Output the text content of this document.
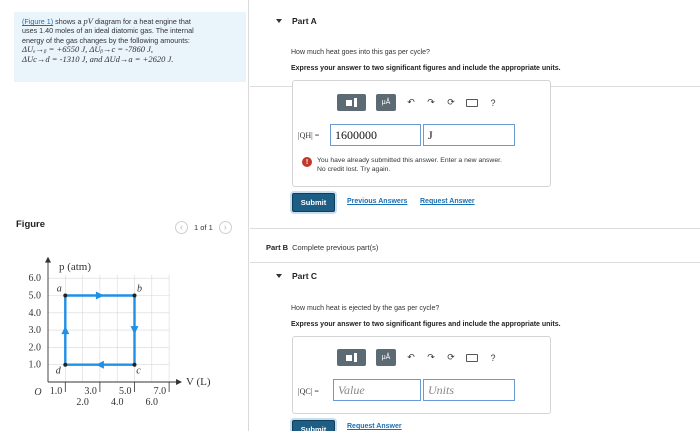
(Figure 1) shows a pV diagram for a heat engine that
uses 1.40 moles of an ideal diatomic gas. The internal
energy of the gas changes by the following amounts:
ΔUₐ→ᵦ = +6550 J, ΔUᵦ→c = -7860 J,
ΔUc→d = -1310 J, and ΔUd→a = +2620 J.
Figure	‹	1 of 1	›
1.0
2.0
3.0
4.0
5.0
6.0
1.0
2.0
3.0
4.0
5.0
6.0
7.0
O
p (atm)
V (L)
a	b
c
d
Part A
How much heat goes into this gas per cycle?
Express your answer to two significant figures and include the appropriate units.
μÅ	↶ ↷ ⟳	?
|QH| =	1600000	J
!	You have already submitted this answer. Enter a new answer.
No credit lost. Try again.
Submit	Previous Answers Request Answer
Part B Complete previous part(s)
Part C
How much heat is ejected by the gas per cycle?
Express your answer to two significant figures and include the appropriate units.
μÅ	↶ ↷ ⟳	?
|QC| =	Value	Units
Submit	Request Answer
